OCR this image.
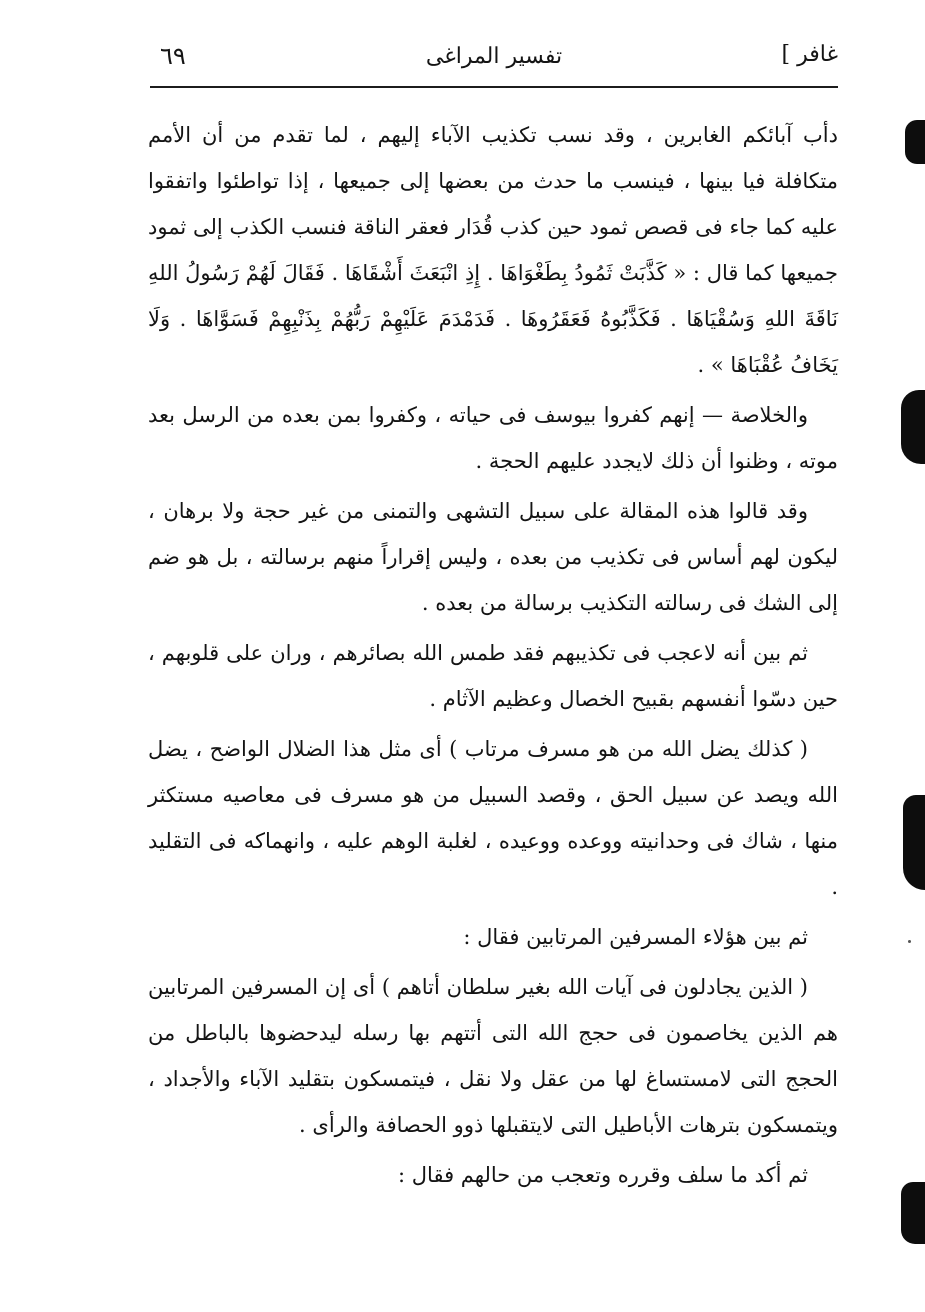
٦٩	تفسير المراغى	غافر ]

دأب آبائكم الغابرين ، وقد نسب تكذيب الآباء إليهم ، لما تقدم من أن الأمم متكافلة فيا بينها ، فينسب ما حدث من بعضها إلى جميعها ، إذا تواطئوا واتفقوا عليه كما جاء فى قصص ثمود حين كذب قُدَار فعقر الناقة فنسب الكذب إلى ثمود جميعها كما قال : « كَذَّبَتْ ثَمُودُ بِطَغْوَاهَا . إِذِ انْبَعَثَ أَشْقَاهَا . فَقَالَ لَهُمْ رَسُولُ اللهِ نَاقَةَ اللهِ وَسُقْيَاهَا . فَكَذَّبُوهُ فَعَقَرُوهَا . فَدَمْدَمَ عَلَيْهِمْ رَبُّهُمْ بِذَنْبِهِمْ فَسَوَّاهَا . وَلَا يَخَافُ عُقْبَاهَا » .

والخلاصة — إنهم كفروا بيوسف فى حياته ، وكفروا بمن بعده من الرسل بعد موته ، وظنوا أن ذلك لايجدد عليهم الحجة .

وقد قالوا هذه المقالة على سبيل التشهى والتمنى من غير حجة ولا برهان ، ليكون لهم أساس فى تكذيب من بعده ، وليس إقراراً منهم برسالته ، بل هو ضم إلى الشك فى رسالته التكذيب برسالة من بعده .

ثم بين أنه لاعجب فى تكذيبهم فقد طمس الله بصائرهم ، وران على قلوبهم ، حين دسّوا أنفسهم بقبيح الخصال وعظيم الآثام .

( كذلك يضل الله من هو مسرف مرتاب ) أى مثل هذا الضلال الواضح ، يضل الله ويصد عن سبيل الحق ، وقصد السبيل من هو مسرف فى معاصيه مستكثر منها ، شاك فى وحدانيته ووعده ووعيده ، لغلبة الوهم عليه ، وانهماكه فى التقليد .

ثم بين هؤلاء المسرفين المرتابين فقال :

( الذين يجادلون فى آيات الله بغير سلطان أتاهم ) أى إن المسرفين المرتابين هم الذين يخاصمون فى حجج الله التى أتتهم بها رسله ليدحضوها بالباطل من الحجج التى لامستساغ لها من عقل ولا نقل ، فيتمسكون بتقليد الآباء والأجداد ، ويتمسكون بترهات الأباطيل التى لايتقبلها ذوو الحصافة والرأى .

ثم أكد ما سلف وقرره وتعجب من حالهم فقال :
